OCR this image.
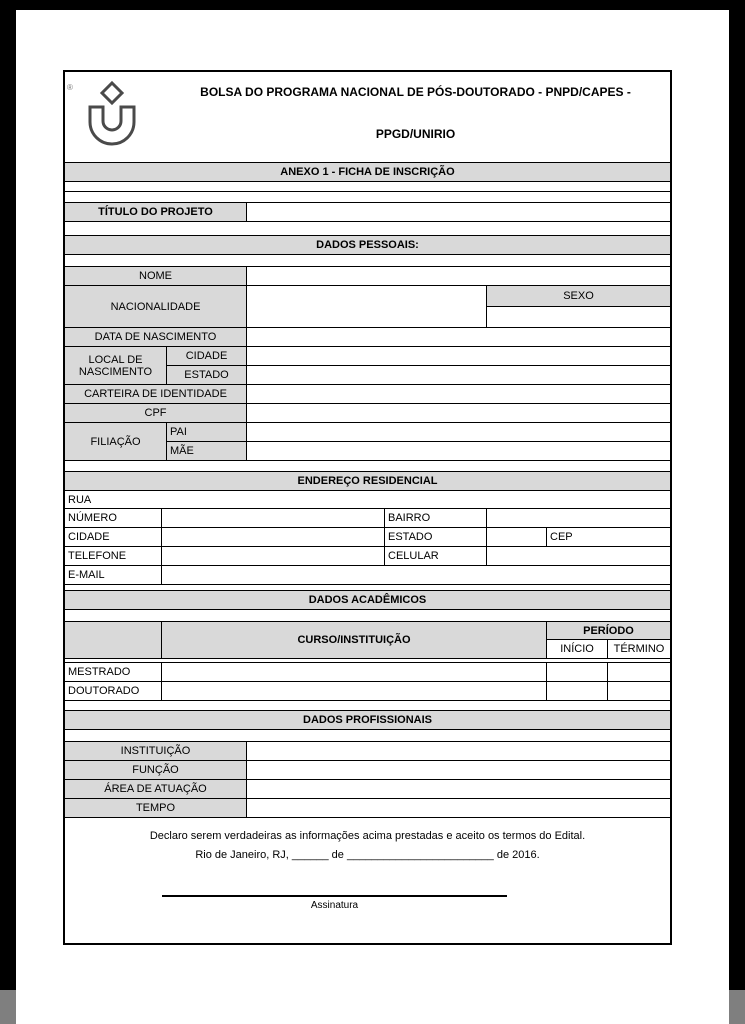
®	BOLSA DO PROGRAMA NACIONAL DE PÓS-DOUTORADO - PNPD/CAPES -
PPGD/UNIRIO
ANEXO 1 - FICHA DE INSCRIÇÃO
TÍTULO DO PROJETO
DADOS PESSOAIS:
NOME
NACIONALIDADE
SEXO
DATA DE NASCIMENTO
LOCAL DE
NASCIMENTO
CIDADE
ESTADO
CARTEIRA DE IDENTIDADE
CPF
FILIAÇÃO
PAI
MÃE
ENDEREÇO RESIDENCIAL
RUA
NÚMERO	BAIRRO
CIDADE	ESTADO	CEP
TELEFONE	CELULAR
E-MAIL
DADOS ACADÊMICOS
CURSO/INSTITUIÇÃO
PERÍODO
INÍCIO	TÉRMINO
MESTRADO
DOUTORADO
DADOS PROFISSIONAIS
INSTITUIÇÃO
FUNÇÃO
ÁREA DE ATUAÇÃO
TEMPO
Declaro serem verdadeiras as informações acima prestadas e aceito os termos do Edital.
Rio de Janeiro, RJ, ______ de ________________________ de 2016.
Assinatura
